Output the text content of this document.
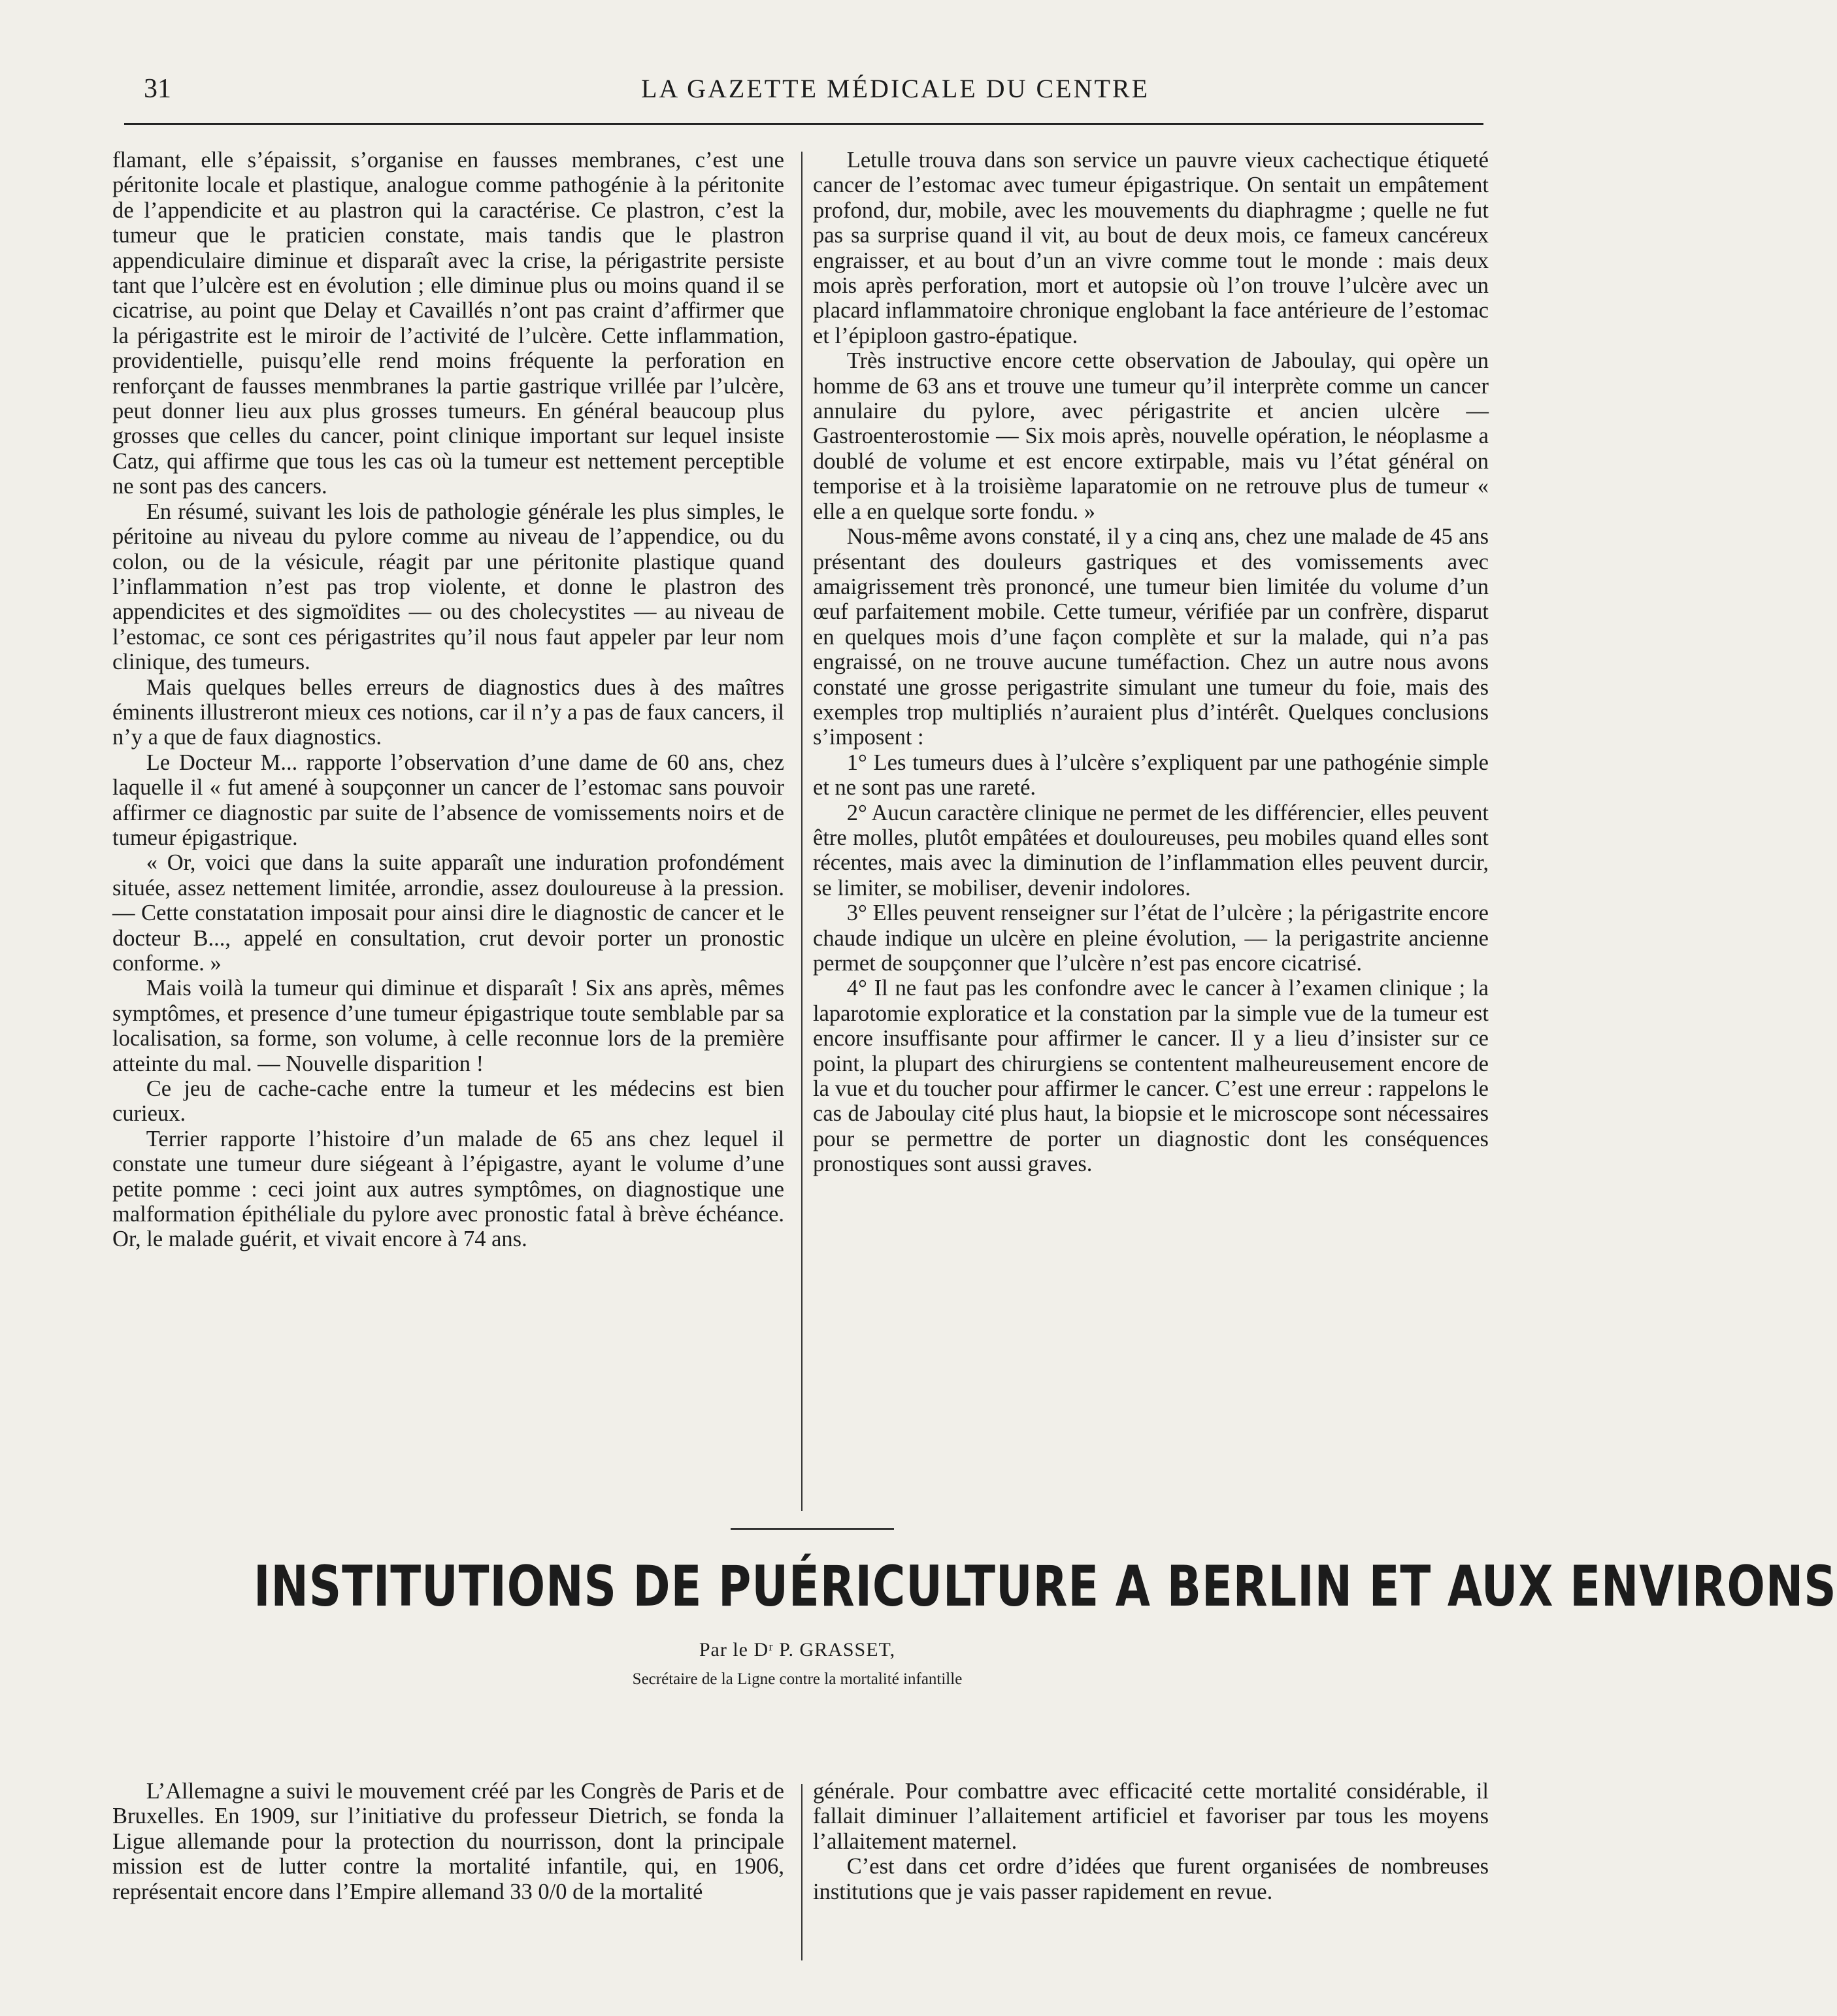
31	LA GAZETTE MÉDICALE DU CENTRE

flamant, elle s’épaissit, s’organise en fausses membranes, c’est une péritonite locale et plastique, analogue comme pathogénie à la péritonite de l’appendicite et au plastron qui la caractérise. Ce plastron, c’est la tumeur que le praticien constate, mais tandis que le plastron appendiculaire diminue et disparaît avec la crise, la périgastrite persiste tant que l’ulcère est en évolution ; elle diminue plus ou moins quand il se cicatrise, au point que Delay et Cavaillés n’ont pas craint d’affirmer que la périgastrite est le miroir de l’activité de l’ulcère. Cette inflammation, providentielle, puisqu’elle rend moins fréquente la perforation en renforçant de fausses menmbranes la partie gastrique vrillée par l’ulcère, peut donner lieu aux plus grosses tumeurs. En général beaucoup plus grosses que celles du cancer, point clinique important sur lequel insiste Catz, qui affirme que tous les cas où la tumeur est nettement perceptible ne sont pas des cancers.

En résumé, suivant les lois de pathologie générale les plus simples, le péritoine au niveau du pylore comme au niveau de l’appendice, ou du colon, ou de la vésicule, réagit par une péritonite plastique quand l’inflammation n’est pas trop violente, et donne le plastron des appendicites et des sigmoïdites — ou des cholecystites — au niveau de l’estomac, ce sont ces périgastrites qu’il nous faut appeler par leur nom clinique, des tumeurs.

Mais quelques belles erreurs de diagnostics dues à des maîtres éminents illustreront mieux ces notions, car il n’y a pas de faux cancers, il n’y a que de faux diagnostics.

Le Docteur M... rapporte l’observation d’une dame de 60 ans, chez laquelle il « fut amené à soupçonner un cancer de l’estomac sans pouvoir affirmer ce diagnostic par suite de l’absence de vomissements noirs et de tumeur épigastrique.

« Or, voici que dans la suite apparaît une induration profondément située, assez nettement limitée, arrondie, assez douloureuse à la pression. — Cette constatation imposait pour ainsi dire le diagnostic de cancer et le docteur B..., appelé en consultation, crut devoir porter un pronostic conforme. »

Mais voilà la tumeur qui diminue et disparaît ! Six ans après, mêmes symptômes, et presence d’une tumeur épigastrique toute semblable par sa localisation, sa forme, son volume, à celle reconnue lors de la première atteinte du mal. — Nouvelle disparition !

Ce jeu de cache-cache entre la tumeur et les médecins est bien curieux.

Terrier rapporte l’histoire d’un malade de 65 ans chez lequel il constate une tumeur dure siégeant à l’épigastre, ayant le volume d’une petite pomme : ceci joint aux autres symptômes, on diagnostique une malformation épithéliale du pylore avec pronostic fatal à brève échéance. Or, le malade guérit, et vivait encore à 74 ans.

Letulle trouva dans son service un pauvre vieux cachectique étiqueté cancer de l’estomac avec tumeur épigastrique. On sentait un empâtement profond, dur, mobile, avec les mouvements du diaphragme ; quelle ne fut pas sa surprise quand il vit, au bout de deux mois, ce fameux cancéreux engraisser, et au bout d’un an vivre comme tout le monde : mais deux mois après perforation, mort et autopsie où l’on trouve l’ulcère avec un placard inflammatoire chronique englobant la face antérieure de l’estomac et l’épiploon gastro-épatique.

Très instructive encore cette observation de Jaboulay, qui opère un homme de 63 ans et trouve une tumeur qu’il interprète comme un cancer annulaire du pylore, avec périgastrite et ancien ulcère — Gastroenterostomie — Six mois après, nouvelle opération, le néoplasme a doublé de volume et est encore extirpable, mais vu l’état général on temporise et à la troisième laparatomie on ne retrouve plus de tumeur « elle a en quelque sorte fondu. »

Nous-même avons constaté, il y a cinq ans, chez une malade de 45 ans présentant des douleurs gastriques et des vomissements avec amaigrissement très prononcé, une tumeur bien limitée du volume d’un œuf parfaitement mobile. Cette tumeur, vérifiée par un confrère, disparut en quelques mois d’une façon complète et sur la malade, qui n’a pas engraissé, on ne trouve aucune tuméfaction. Chez un autre nous avons constaté une grosse perigastrite simulant une tumeur du foie, mais des exemples trop multipliés n’auraient plus d’intérêt. Quelques conclusions s’imposent :

1° Les tumeurs dues à l’ulcère s’expliquent par une pathogénie simple et ne sont pas une rareté.

2° Aucun caractère clinique ne permet de les différencier, elles peuvent être molles, plutôt empâtées et douloureuses, peu mobiles quand elles sont récentes, mais avec la diminution de l’inflammation elles peuvent durcir, se limiter, se mobiliser, devenir indolores.

3° Elles peuvent renseigner sur l’état de l’ulcère ; la périgastrite encore chaude indique un ulcère en pleine évolution, — la perigastrite ancienne permet de soupçonner que l’ulcère n’est pas encore cicatrisé.

4° Il ne faut pas les confondre avec le cancer à l’examen clinique ; la laparotomie exploratice et la constation par la simple vue de la tumeur est encore insuffisante pour affirmer le cancer. Il y a lieu d’insister sur ce point, la plupart des chirurgiens se contentent malheureusement encore de la vue et du toucher pour affirmer le cancer. C’est une erreur : rappelons le cas de Jaboulay cité plus haut, la biopsie et le microscope sont nécessaires pour se permettre de porter un diagnostic dont les conséquences pronostiques sont aussi graves.

INSTITUTIONS DE PUÉRICULTURE A BERLIN ET AUX ENVIRONS
Par le Dʳ P. GRASSET,
Secrétaire de la Ligne contre la mortalité infantille

L’Allemagne a suivi le mouvement créé par les Congrès de Paris et de Bruxelles. En 1909, sur l’initiative du professeur Dietrich, se fonda la Ligue allemande pour la protection du nourrisson, dont la principale mission est de lutter contre la mortalité infantile, qui, en 1906, représentait encore dans l’Empire allemand 33 0/0 de la mortalité

générale. Pour combattre avec efficacité cette mortalité considérable, il fallait diminuer l’allaitement artificiel et favoriser par tous les moyens l’allaitement maternel.

C’est dans cet ordre d’idées que furent organisées de nombreuses institutions que je vais passer rapidement en revue.
